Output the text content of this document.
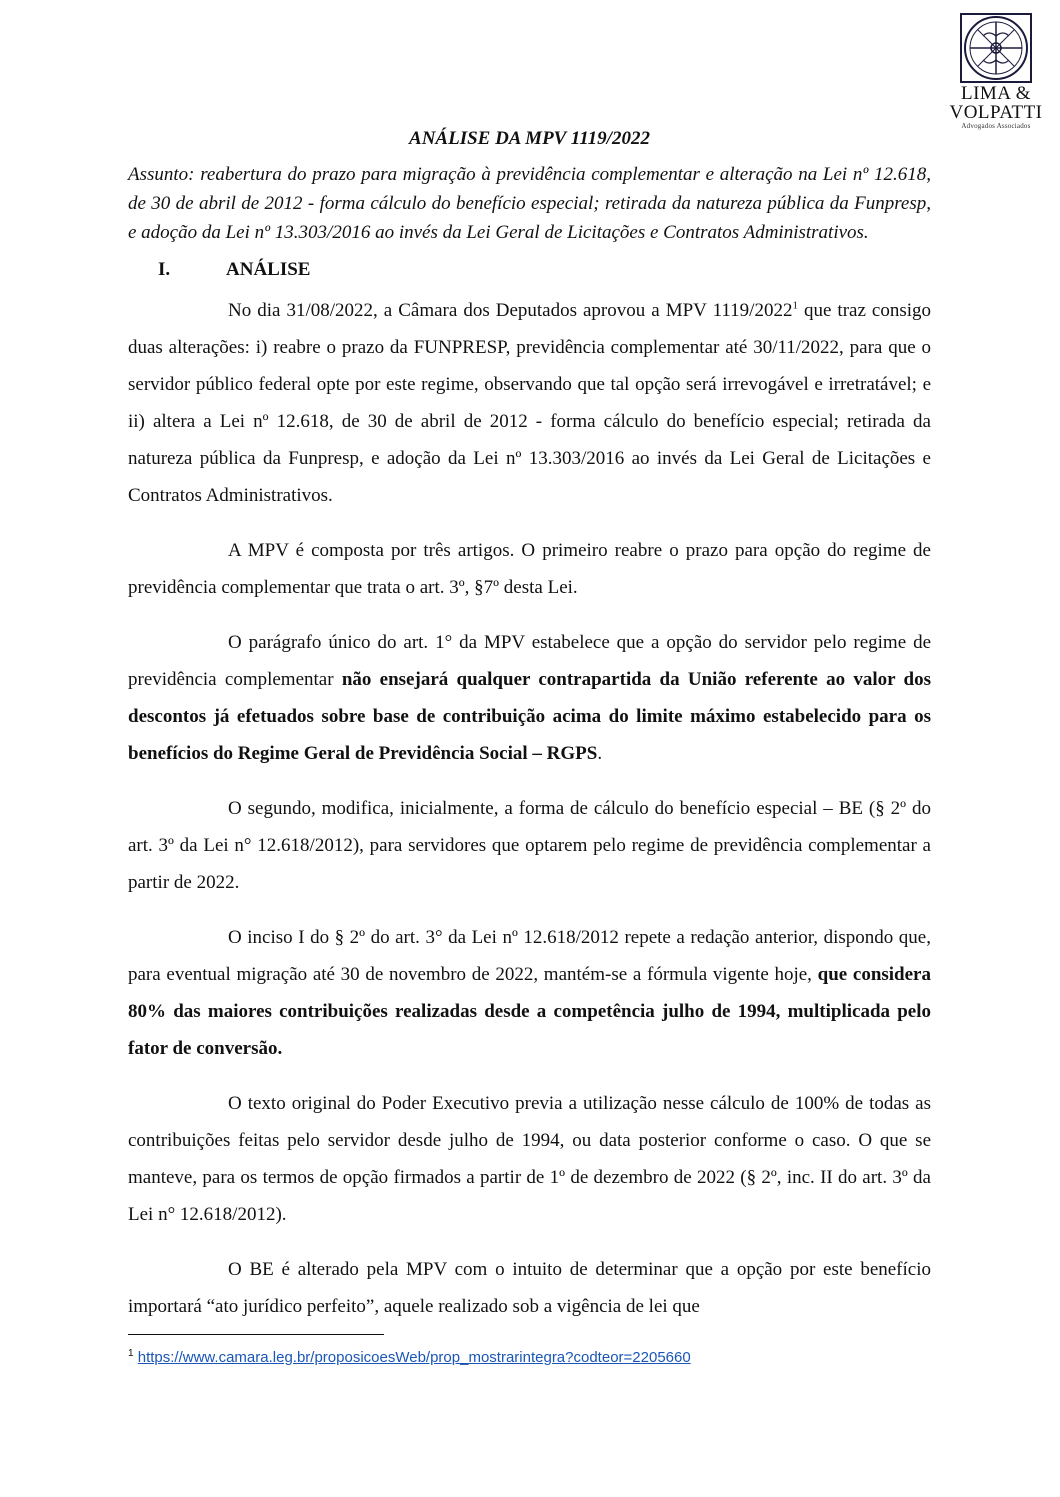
LIMA &
VOLPATTI
Advogados Associados
ANÁLISE DA MPV 1119/2022

Assunto: reabertura do prazo para migração à previdência complementar e alteração na Lei nº 12.618, de 30 de abril de 2012 - forma cálculo do benefício especial; retirada da natureza pública da Funpresp, e adoção da Lei nº 13.303/2016 ao invés da Lei Geral de Licitações e Contratos Administrativos.

I.	ANÁLISE

No dia 31/08/2022, a Câmara dos Deputados aprovou a MPV 1119/2022$^1$ que traz consigo duas alterações: i) reabre o prazo da FUNPRESP, previdência complementar até 30/11/2022, para que o servidor público federal opte por este regime, observando que tal opção será irrevogável e irretratável; e ii) altera a Lei nº 12.618, de 30 de abril de 2012 - forma cálculo do benefício especial; retirada da natureza pública da Funpresp, e adoção da Lei nº 13.303/2016 ao invés da Lei Geral de Licitações e Contratos Administrativos.

A MPV é composta por três artigos. O primeiro reabre o prazo para opção do regime de previdência complementar que trata o art. 3º, §7º desta Lei.

O parágrafo único do art. 1° da MPV estabelece que a opção do servidor pelo regime de previdência complementar não ensejará qualquer contrapartida da União referente ao valor dos descontos já efetuados sobre base de contribuição acima do limite máximo estabelecido para os benefícios do Regime Geral de Previdência Social – RGPS.

O segundo, modifica, inicialmente, a forma de cálculo do benefício especial – BE (§ 2º do art. 3º da Lei n° 12.618/2012), para servidores que optarem pelo regime de previdência complementar a partir de 2022.

O inciso I do § 2º do art. 3° da Lei nº 12.618/2012 repete a redação anterior, dispondo que, para eventual migração até 30 de novembro de 2022, mantém-se a fórmula vigente hoje, que considera 80% das maiores contribuições realizadas desde a competência julho de 1994, multiplicada pelo fator de conversão.

O texto original do Poder Executivo previa a utilização nesse cálculo de 100% de todas as contribuições feitas pelo servidor desde julho de 1994, ou data posterior conforme o caso. O que se manteve, para os termos de opção firmados a partir de 1º de dezembro de 2022 (§ 2º, inc. II do art. 3º da Lei n° 12.618/2012).

O BE é alterado pela MPV com o intuito de determinar que a opção por este benefício importará “ato jurídico perfeito”, aquele realizado sob a vigência de lei que

$^1$ https://www.camara.leg.br/proposicoesWeb/prop_mostrarintegra?codteor=2205660
